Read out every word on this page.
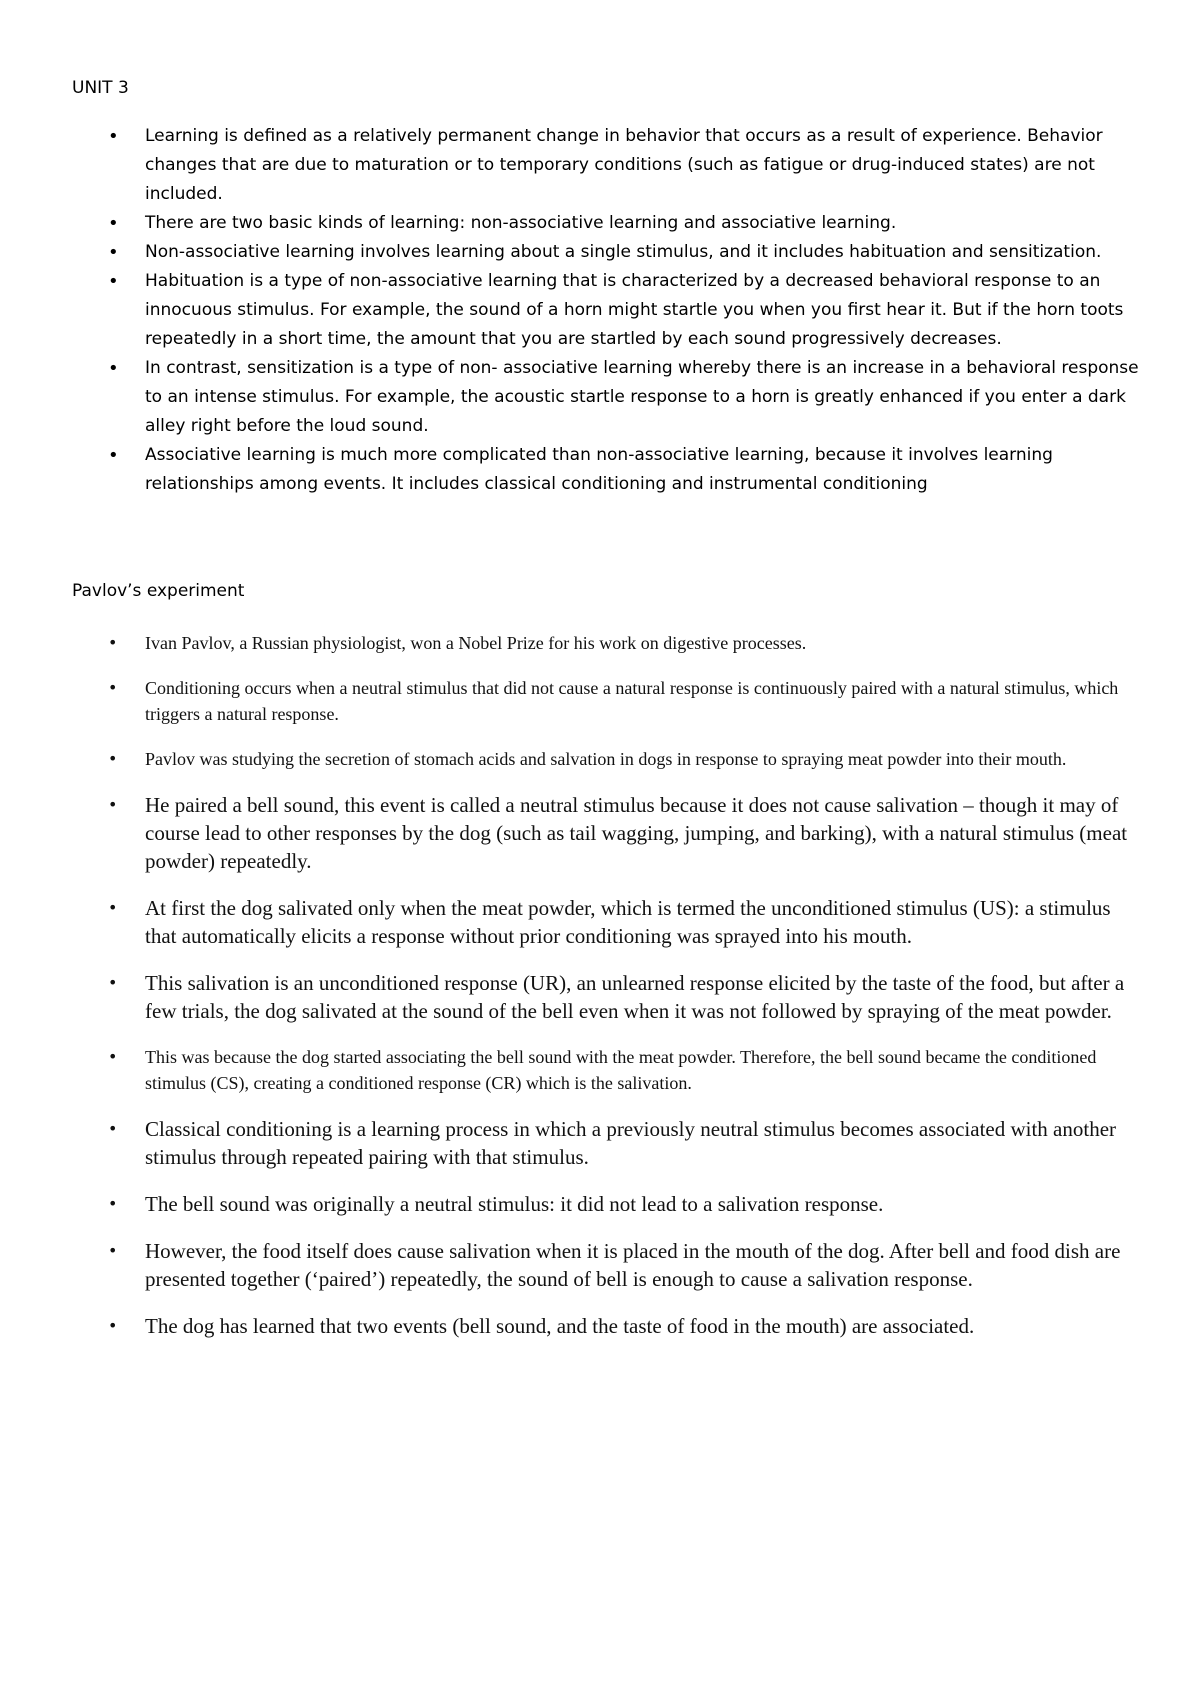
UNIT 3
•	Learning is defined as a relatively permanent change in behavior that occurs as a result of experience. Behavior changes that are due to maturation or to temporary conditions (such as fatigue or drug-induced states) are not included.
•	There are two basic kinds of learning: non-associative learning and associative learning.
•	Non-associative learning involves learning about a single stimulus, and it includes habituation and sensitization.
•	Habituation is a type of non-associative learning that is characterized by a decreased behavioral response to an innocuous stimulus. For example, the sound of a horn might startle you when you first hear it. But if the horn toots repeatedly in a short time, the amount that you are startled by each sound progressively decreases.
•	In contrast, sensitization is a type of non- associative learning whereby there is an increase in a behavioral response to an intense stimulus. For example, the acoustic startle response to a horn is greatly enhanced if you enter a dark alley right before the loud sound.
•	Associative learning is much more complicated than non-associative learning, because it involves learning relationships among events. It includes classical conditioning and instrumental conditioning
Pavlov’s experiment
•	Ivan Pavlov, a Russian physiologist, won a Nobel Prize for his work on digestive processes.
•	Conditioning occurs when a neutral stimulus that did not cause a natural response is continuously paired with a natural stimulus, which triggers a natural response.
•	Pavlov was studying the secretion of stomach acids and salvation in dogs in response to spraying meat powder into their mouth.
•	He paired a bell sound, this event is called a neutral stimulus because it does not cause salivation – though it may of course lead to other responses by the dog (such as tail wagging, jumping, and barking), with a natural stimulus (meat powder) repeatedly.
•	At first the dog salivated only when the meat powder, which is termed the unconditioned stimulus (US): a stimulus that automatically elicits a response without prior conditioning was sprayed into his mouth.
•	This salivation is an unconditioned response (UR), an unlearned response elicited by the taste of the food, but after a few trials, the dog salivated at the sound of the bell even when it was not followed by spraying of the meat powder.
•	This was because the dog started associating the bell sound with the meat powder. Therefore, the bell sound became the conditioned stimulus (CS), creating a conditioned response (CR) which is the salivation.
•	Classical conditioning is a learning process in which a previously neutral stimulus becomes associated with another stimulus through repeated pairing with that stimulus.
•	The bell sound was originally a neutral stimulus: it did not lead to a salivation response.
•	However, the food itself does cause salivation when it is placed in the mouth of the dog. After bell and food dish are presented together (‘paired’) repeatedly, the sound of bell is enough to cause a salivation response.
•	The dog has learned that two events (bell sound, and the taste of food in the mouth) are associated.
